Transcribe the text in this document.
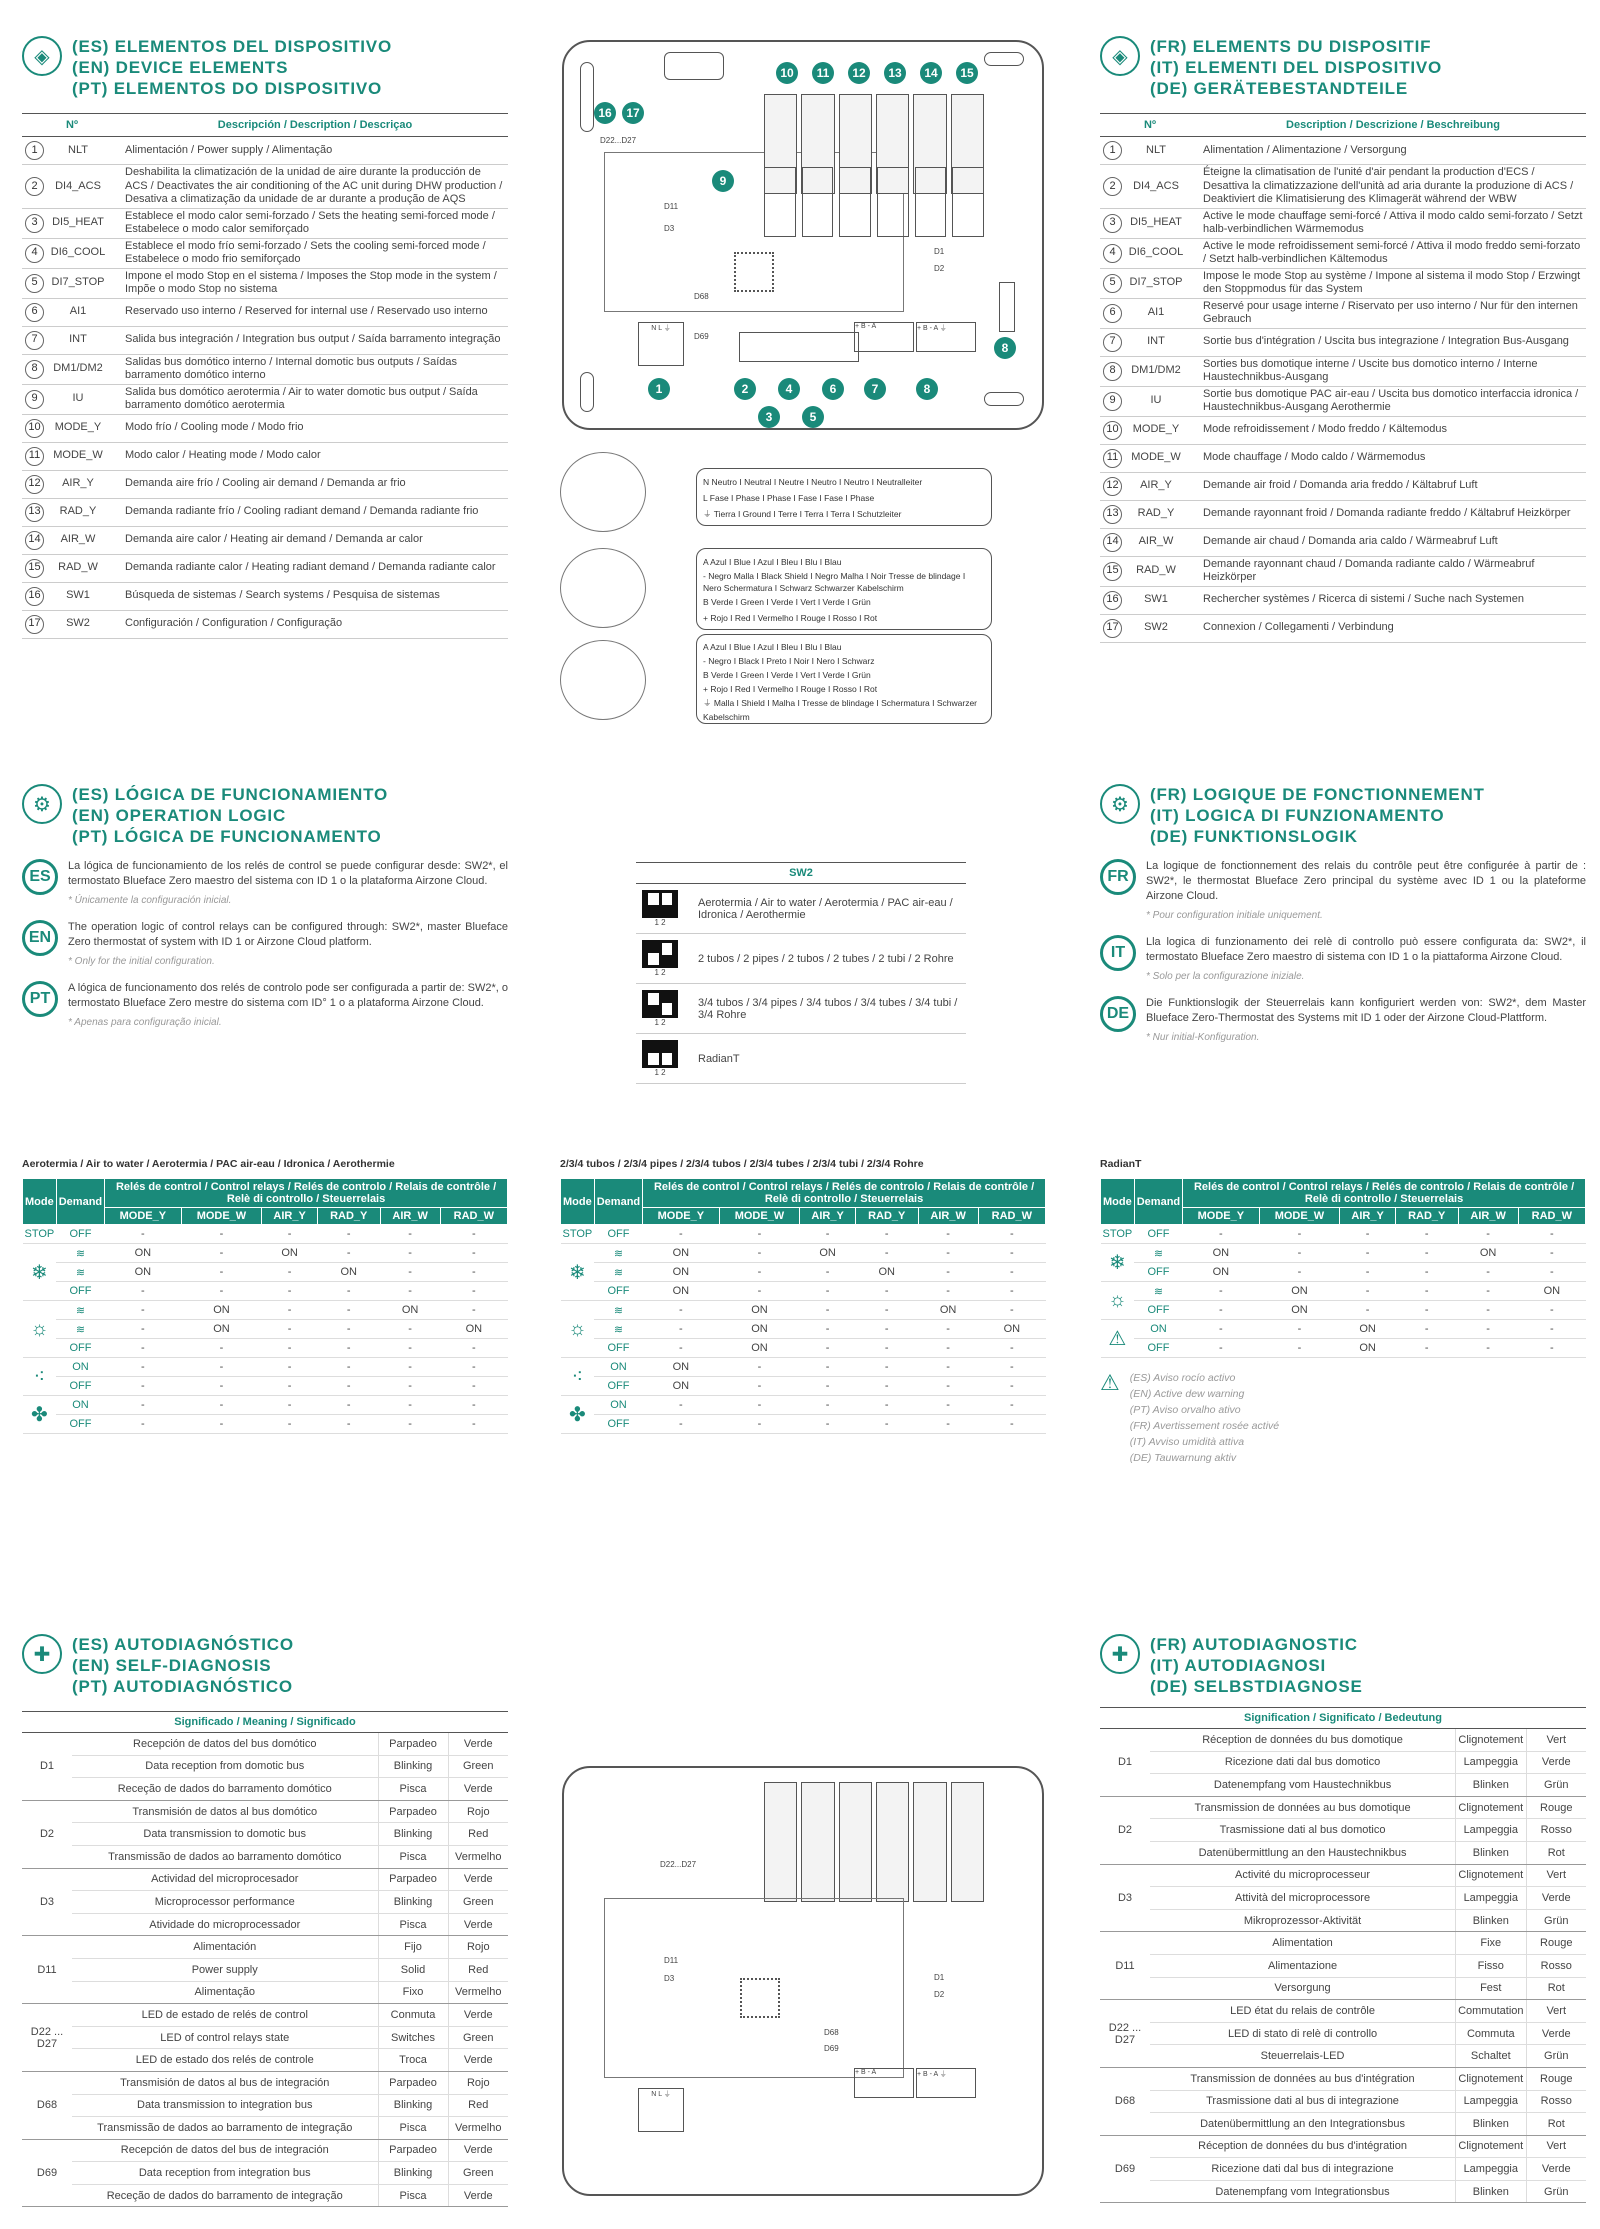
◈	(ES) ELEMENTOS DEL DISPOSITIVO
(EN) DEVICE ELEMENTS
(PT) ELEMENTOS DO DISPOSITIVO
Nº	Descripción / Description / Descriçao
1 NLT	Alimentación / Power supply / Alimentação
2 DI4_ACS	Deshabilita la climatización de la unidad de aire durante la producción de ACS / Deactivates the air conditioning of the AC unit during DHW production / Desativa a climatização da unidade de ar durante a produção de AQS
3 DI5_HEAT	Establece el modo calor semi-forzado / Sets the heating semi-forced mode / Estabelece o modo calor semiforçado
4 DI6_COOL	Establece el modo frío semi-forzado / Sets the cooling semi-forced mode / Estabelece o modo frio semiforçado
5 DI7_STOP	Impone el modo Stop en el sistema / Imposes the Stop mode in the system / Impõe o modo Stop no sistema
6 AI1	Reservado uso interno / Reserved for internal use / Reservado uso interno
7 INT	Salida bus integración / Integration bus output / Saída barramento integração
8 DM1/DM2	Salidas bus domótico interno / Internal domotic bus outputs / Saídas barramento domótico interno
9 IU	Salida bus domótico aerotermia / Air to water domotic bus output / Saída barramento domótico aerotermia
10 MODE_Y	Modo frío / Cooling mode / Modo frio
11 MODE_W	Modo calor / Heating mode / Modo calor
12 AIR_Y	Demanda aire frío / Cooling air demand / Demanda ar frio
13 RAD_Y	Demanda radiante frío / Cooling radiant demand / Demanda radiante frio
14 AIR_W	Demanda aire calor / Heating air demand / Demanda ar calor
15 RAD_W	Demanda radiante calor / Heating radiant demand / Demanda radiante calor
16 SW1	Búsqueda de sistemas / Search systems / Pesquisa de sistemas
17 SW2	Configuración / Configuration / Configuração
◈	(FR) ELEMENTS DU DISPOSITIF
(IT) ELEMENTI DEL DISPOSITIVO
(DE) GERÄTEBESTANDTEILE
Nº	Description / Descrizione / Beschreibung
1 NLT	Alimentation / Alimentazione / Versorgung
2 DI4_ACS	Éteigne la climatisation de l'unité d'air pendant la production d'ECS / Desattiva la climatizzazione dell'unità ad aria durante la produzione di ACS / Deaktiviert die Klimatisierung des Klimagerät während der WBW
3 DI5_HEAT	Active le mode chauffage semi-forcé / Attiva il modo caldo semi-forzato / Setzt halb-verbindlichen Wärmemodus
4 DI6_COOL	Active le mode refroidissement semi-forcé / Attiva il modo freddo semi-forzato / Setzt halb-verbindlichen Kältemodus
5 DI7_STOP	Impose le mode Stop au système / Impone al sistema il modo Stop / Erzwingt den Stoppmodus für das System
6 AI1	Reservé pour usage interne / Riservato per uso interno / Nur für den internen Gebrauch
7 INT	Sortie bus d'intégration / Uscita bus integrazione / Integration Bus-Ausgang
8 DM1/DM2	Sorties bus domotique interne / Uscite bus domotico interno / Interne Haustechnikbus-Ausgang
9 IU	Sortie bus domotique PAC air-eau / Uscita bus domotico interfaccia idronica / Haustechnikbus-Ausgang Aerothermie
10 MODE_Y	Mode refroidissement / Modo freddo / Kältemodus
11 MODE_W	Mode chauffage / Modo caldo / Wärmemodus
12 AIR_Y	Demande air froid / Domanda aria freddo / Kältabruf Luft
13 RAD_Y	Demande rayonnant froid / Domanda radiante freddo / Kältabruf Heizkörper
14 AIR_W	Demande air chaud / Domanda aria caldo / Wärmeabruf Luft
15 RAD_W	Demande rayonnant chaud / Domanda radiante caldo / Wärmeabruf Heizkörper
16 SW1	Rechercher systèmes / Ricerca di sistemi / Suche nach Systemen
17 SW2	Connexion / Collegamenti / Verbindung
D22...D27
D68
D69
D11
D3
D1
D2
N L ⏚	+ B - A	+ B - A ⏚
10	11	12	13	14	15
16	17
9
8
1	2
3
4
5
6	7	8
N Neutro I Neutral I Neutre I Neutro I Neutro I Neutralleiter
L Fase I Phase I Phase I Fase I Fase I Phase
⏚ Tierra I Ground I Terre I Terra I Terra I Schutzleiter
A Azul I Blue I Azul I Bleu I Blu I Blau
- Negro Malla I Black Shield I Negro Malha I Noir Tresse de blindage I Nero Schermatura I Schwarz Schwarzer Kabelschirm
B Verde I Green I Verde I Vert I Verde I Grün
+ Rojo I Red I Vermelho I Rouge I Rosso I Rot
A Azul I Blue I Azul I Bleu I Blu I Blau
- Negro I Black I Preto I Noir I Nero I Schwarz
B Verde I Green I Verde I Vert I Verde I Grün
+ Rojo I Red I Vermelho I Rouge I Rosso I Rot
⏚ Malla I Shield I Malha I Tresse de blindage I Schermatura I Schwarzer Kabelschirm
⚙	(ES) LÓGICA DE FUNCIONAMIENTO
(EN) OPERATION LOGIC
(PT) LÓGICA DE FUNCIONAMENTO
ES
La lógica de funcionamiento de los relés de control se puede configurar desde: SW2*, el termostato Blueface Zero maestro del sistema con ID 1 o la plataforma Airzone Cloud.
* Únicamente la configuración inicial.
EN
The operation logic of control relays can be configured through: SW2*, master Blueface Zero thermostat of system with ID 1 or Airzone Cloud platform.
* Only for the initial configuration.
PT
A lógica de funcionamento dos relés de controlo pode ser configurada a partir de: SW2*, o termostato Blueface Zero mestre do sistema com ID° 1 o a plataforma Airzone Cloud.
* Apenas para configuração inicial.
⚙	(FR) LOGIQUE DE FONCTIONNEMENT
(IT) LOGICA DI FUNZIONAMENTO
(DE) FUNKTIONSLOGIK
FR
La logique de fonctionnement des relais du contrôle peut être configurée à partir de : SW2*, le thermostat Blueface Zero principal du système avec ID 1 ou la plateforme Airzone Cloud.
* Pour configuration initiale uniquement.
IT
Lla logica di funzionamento dei relè di controllo può essere configurata da: SW2*, il termostato Blueface Zero maestro di sistema con ID 1 o la piattaforma Airzone Cloud.
* Solo per la configurazione iniziale.
DE
Die Funktionslogik der Steuerrelais kann konfiguriert werden von: SW2*, dem Master Blueface Zero-Thermostat des Systems mit ID 1 oder der Airzone Cloud-Plattform.
* Nur initial-Konfiguration.
SW2	

1 2	Aerotermia / Air to water / Aerotermia / PAC air-eau / Idronica / Aerothermie

1 2	2 tubos / 2 pipes / 2 tubos / 2 tubes / 2 tubi / 2 Rohre

1 2	3/4 tubos / 3/4 pipes / 3/4 tubos / 3/4 tubes / 3/4 tubi / 3/4 Rohre

1 2	RadianT
Aerotermia / Air to water / Aerotermia / PAC air-eau / Idronica / Aerothermie
Mode	Demand	Relés de control / Control relays / Relés de controlo / Relais de contrôle / Relè di controllo / Steuerrelais					
		MODE_Y	MODE_W	AIR_Y	RAD_Y	AIR_W	RAD_W
STOP	OFF	-	-	-	-	-	-
❄	≋	ON	-	ON	-	-	-
	≋	ON	-	-	ON	-	-
	OFF	-	-	-	-	-	-
☼	≋	-	ON	-	-	ON	-
	≋	-	ON	-	-	-	ON
	OFF	-	-	-	-	-	-
⁖	ON	-	-	-	-	-	-
	OFF	-	-	-	-	-	-
✤	ON	-	-	-	-	-	-
	OFF	-	-	-	-	-	-
2/3/4 tubos / 2/3/4 pipes / 2/3/4 tubos / 2/3/4 tubes / 2/3/4 tubi / 2/3/4 Rohre
Mode	Demand	Relés de control / Control relays / Relés de controlo / Relais de contrôle / Relè di controllo / Steuerrelais					
		MODE_Y	MODE_W	AIR_Y	RAD_Y	AIR_W	RAD_W
STOP	OFF	-	-	-	-	-	-
❄	≋	ON	-	ON	-	-	-
	≋	ON	-	-	ON	-	-
	OFF	ON	-	-	-	-	-
☼	≋	-	ON	-	-	ON	-
	≋	-	ON	-	-	-	ON
	OFF	-	ON	-	-	-	-
⁖	ON	ON	-	-	-	-	-
	OFF	ON	-	-	-	-	-
✤	ON	-	-	-	-	-	-
	OFF	-	-	-	-	-	-
RadianT
Mode	Demand	Relés de control / Control relays / Relés de controlo / Relais de contrôle / Relè di controllo / Steuerrelais					
		MODE_Y	MODE_W	AIR_Y	RAD_Y	AIR_W	RAD_W
STOP	OFF	-	-	-	-	-	-
❄	≋	ON	-	-	-	ON	-
	OFF	ON	-	-	-	-	-
☼	≋	-	ON	-	-	-	ON
	OFF	-	ON	-	-	-	-
⚠	ON	-	-	ON	-	-	-
	OFF	-	-	ON	-	-	-
⚠ (ES) Aviso rocío activo
(EN) Active dew warning
(PT) Aviso orvalho ativo
(FR) Avertissement rosée activé
(IT) Avviso umidità attiva
(DE) Tauwarnung aktiv
✚	(ES) AUTODIAGNÓSTICO
(EN) SELF-DIAGNOSIS
(PT) AUTODIAGNÓSTICO
Significado / Meaning / Significado			
D1	Recepción de datos del bus domótico	Parpadeo	Verde
	Data reception from domotic bus	Blinking	Green
	Receção de dados do barramento domótico	Pisca	Verde
D2	Transmisión de datos al bus domótico	Parpadeo	Rojo
	Data transmission to domotic bus	Blinking	Red
	Transmissão de dados ao barramento domótico	Pisca	Vermelho
D3	Actividad del microprocesador	Parpadeo	Verde
	Microprocessor performance	Blinking	Green
	Atividade do microprocessador	Pisca	Verde
D11	Alimentación	Fijo	Rojo
	Power supply	Solid	Red
	Alimentação	Fixo	Vermelho
D22 ... D27	LED de estado de relés de control	Conmuta	Verde
	LED of control relays state	Switches	Green
	LED de estado dos relés de controle	Troca	Verde
D68	Transmisión de datos al bus de integración	Parpadeo	Rojo
	Data transmission to integration bus	Blinking	Red
	Transmissão de dados ao barramento de integração	Pisca	Vermelho
D69	Recepción de datos del bus de integración	Parpadeo	Verde
	Data reception from integration bus	Blinking	Green
	Receção de dados do barramento de integração	Pisca	Verde
✚	(FR) AUTODIAGNOSTIC
(IT) AUTODIAGNOSI
(DE) SELBSTDIAGNOSE
Signification / Significato / Bedeutung			
D1	Réception de données du bus domotique	Clignotement	Vert
	Ricezione dati dal bus domotico	Lampeggia	Verde
	Datenempfang vom Haustechnikbus	Blinken	Grün
D2	Transmission de données au bus domotique	Clignotement	Rouge
	Trasmissione dati al bus domotico	Lampeggia	Rosso
	Datenübermittlung an den Haustechnikbus	Blinken	Rot
D3	Activité du microprocesseur	Clignotement	Vert
	Attività del microprocessore	Lampeggia	Verde
	Mikroprozessor-Aktivität	Blinken	Grün
D11	Alimentation	Fixe	Rouge
	Alimentazione	Fisso	Rosso
	Versorgung	Fest	Rot
D22 ... D27	LED état du relais de contrôle	Commutation	Vert
	LED di stato di relè di controllo	Commuta	Verde
	Steuerrelais-LED	Schaltet	Grün
D68	Transmission de données au bus d'intégration	Clignotement	Rouge
	Trasmissione dati al bus di integrazione	Lampeggia	Rosso
	Datenübermittlung an den Integrationsbus	Blinken	Rot
D69	Réception de données du bus d'intégration	Clignotement	Vert
	Ricezione dati dal bus di integrazione	Lampeggia	Verde
	Datenempfang vom Integrationsbus	Blinken	Grün
D22...D27
D11
D3	D1
D2
D68
D69
+ B - A	+ B - A ⏚
N L ⏚
